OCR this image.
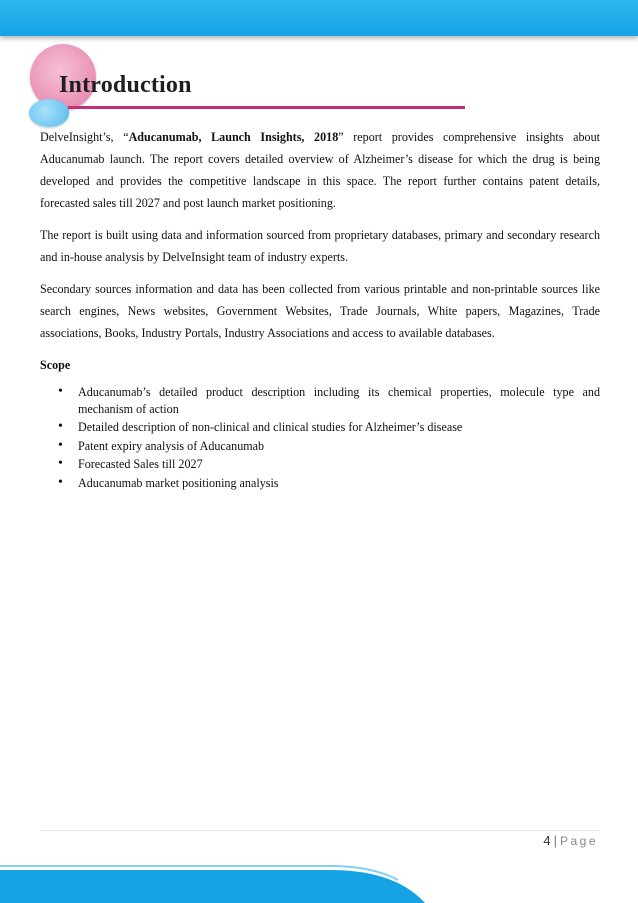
Introduction

DelveInsight’s, “Aducanumab, Launch Insights, 2018” report provides comprehensive insights about Aducanumab launch. The report covers detailed overview of Alzheimer’s disease for which the drug is being developed and provides the competitive landscape in this space. The report further contains patent details, forecasted sales till 2027 and post launch market positioning.

The report is built using data and information sourced from proprietary databases, primary and secondary research and in-house analysis by DelveInsight team of industry experts.

Secondary sources information and data has been collected from various printable and non-printable sources like search engines, News websites, Government Websites, Trade Journals, White papers, Magazines, Trade associations, Books, Industry Portals, Industry Associations and access to available databases.

Scope
• Aducanumab’s detailed product description including its chemical properties, molecule type and mechanism of action
• Detailed description of non-clinical and clinical studies for Alzheimer’s disease
• Patent expiry analysis of Aducanumab
• Forecasted Sales till 2027
• Aducanumab market positioning analysis
4 | Page
